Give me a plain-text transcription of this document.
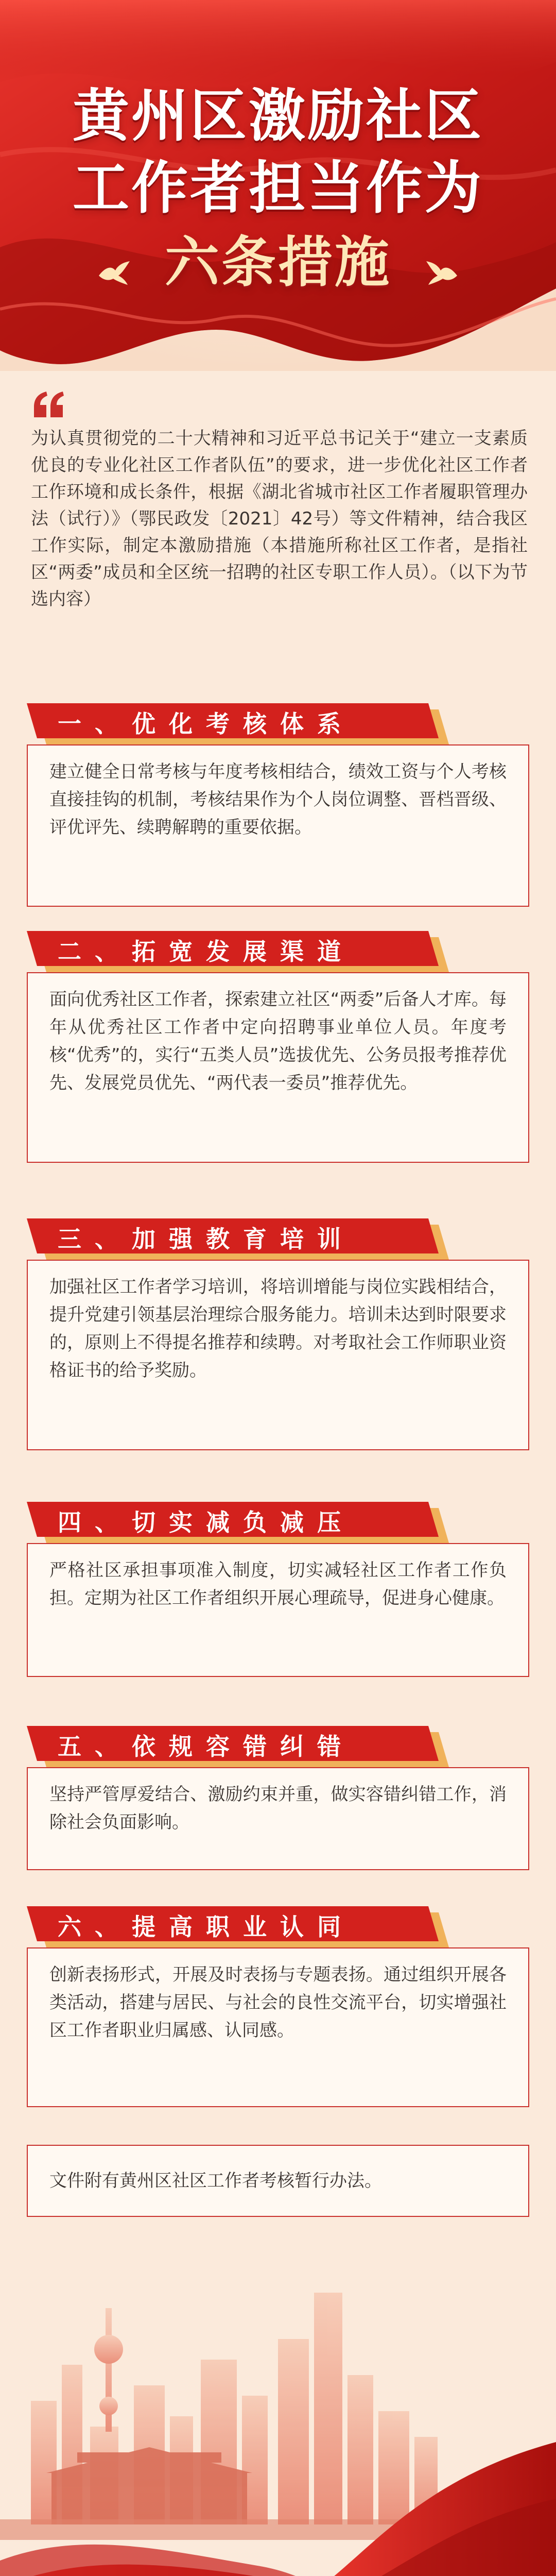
黄州区激励社区
工作者担当作为
六条措施
为认真贯彻党的二十大精神和习近平总书记关于“建立一支素质优良的专业化社区工作者队伍”的要求，进一步优化社区工作者工作环境和成长条件，根据《湖北省城市社区工作者履职管理办法（试行）》（鄂民政发〔2021〕42号）等文件精神，结合我区工作实际，制定本激励措施（本措施所称社区工作者，是指社区“两委”成员和全区统一招聘的社区专职工作人员）。（以下为节选内容）
一、优化考核体系
建立健全日常考核与年度考核相结合，绩效工资与个人考核直接挂钩的机制，考核结果作为个人岗位调整、晋档晋级、评优评先、续聘解聘的重要依据。
二、拓宽发展渠道
面向优秀社区工作者，探索建立社区“两委”后备人才库。每年从优秀社区工作者中定向招聘事业单位人员。年度考核“优秀”的，实行“五类人员”选拔优先、公务员报考推荐优先、发展党员优先、“两代表一委员”推荐优先。
三、加强教育培训
加强社区工作者学习培训，将培训增能与岗位实践相结合，提升党建引领基层治理综合服务能力。培训未达到时限要求的，原则上不得提名推荐和续聘。对考取社会工作师职业资格证书的给予奖励。
四、切实减负减压
严格社区承担事项准入制度，切实减轻社区工作者工作负担。定期为社区工作者组织开展心理疏导，促进身心健康。
五、依规容错纠错
坚持严管厚爱结合、激励约束并重，做实容错纠错工作，消除社会负面影响。
六、提高职业认同
创新表扬形式，开展及时表扬与专题表扬。通过组织开展各类活动，搭建与居民、与社会的良性交流平台，切实增强社区工作者职业归属感、认同感。
文件附有黄州区社区工作者考核暂行办法。
